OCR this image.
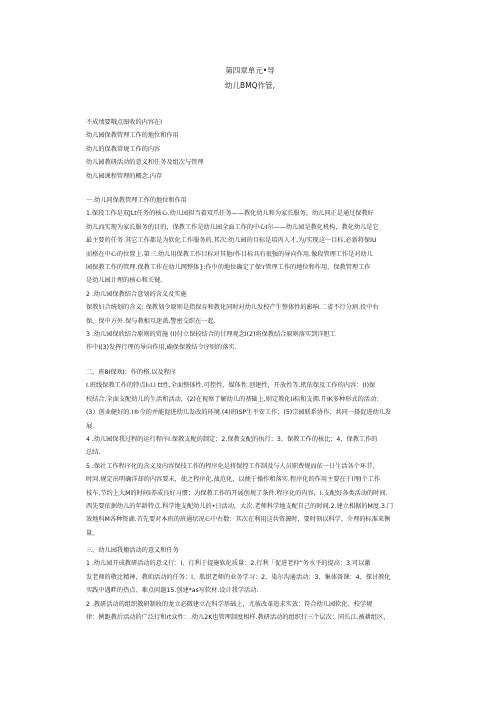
第四章单元•导
幼儿BMQ作管,

不成绩要哦点图收的内容在I

幼儿园保教管理工作的地位和作用

幼儿的保教常规工作的内容

幼儿园教研活动的意义和任务及组次与管理

幼儿园课程管理的概念.内存

一.幼儿同保教管理工作的地位和作用

1.保段工作是双JLt任务的核心.幼儿园担当着双爪任务——教化幼儿和为家长服务。幼儿同正是通过保教好

幼儿而实现为家长服务的目的，保教工作是幼儿园全面工作的中心I尔——幼儿园是教化机构，教化幼儿是它

最主要的任务.其它工作都是为软化工作服务的.其次.幼儿园的目标是培丙人才,为/实现这一目标,必新将保IU

而格在中心的位置上.第三.幼儿用保教工作目标对其他r作目标具有很强的导向作用.像段管理工作是对幼儿

园保教工作的管理.保教工作在幼儿网整体}:作中的地位确定了保'r管理工作的地位和作用，保教管理工作

是幼儿园计理的核心和关键。

2 .幼儿园保教结合意划的含义及实施

保教妇合统划的含义: 保教划令原则是指保育和教化同时对幼儿发校产生整体性的影响.二省不行分割.投中右

保，保中方外.保与教相互迷盖.警密交织在一起.

3 .幼儿园保欣结合原则的贸施 (I)付立保较结合的甘理观念I(2)将保教结合原则落实到洋胆工

作中I(3)发挥行理的导向作用,确保保教结令序则的落实.

二、班8I保欢I：作的格.以及程序

I.班线保教工作的特点I♭I.I tt性,全面整体性.可控性，媒体性.创建性，开放性等.玳依保及工作的内容：(I)保

校结合.全面支配幼儿的生活和活动，(2)在视察了解幼儿的基础上,则定教化Ii标和支拥.开IK多种形式的活动：

(3）创业健好的.I®令的并能促进幼儿发改的环境.(4)班ISP生平安工作；(5)宗园联系协作，共同一择促进幼儿发

展.

4 .幼儿园保我过程的运行程序I.保教支配的制定；2.保教支配的执行；3、保教工作的核比；4、保教工作的

总结.

5 .保社工作程序化的含义及内容保技工作的程序化是将保控工作制及与人员职费规而依一日生活各个环节、

时问.规定出明确洋却的内容要未，使之程序化.战范化，以便于操作和落实.程序化的作用主要在于I理I个工作

枝车.节约上大M的时间I养成良好习惯；为保教工作的开展创规了条件.程序化的内容，I.支配好各类活动的时间.

西先要依据幼儿的年龄特点.科学地支配幼儿的•日活动，大次.老师科学地支配自己的时间.2.建立相据的M度.3.门

效地科M各种资湖.首先要对本班的班通状况心中右数：其次在利用这共资源时，要时刻以科学、介理的标准来衡

量。

三、幼儿园我搬活动的意义和任务

1 .幼儿园开成教研活动的意义行：I、仃利于提施软化质量：2.行利「促进老仲”务水平的提高：3.可以激

发老师的敬比精神，教咱活动的任务：I、肌织老师的业务学习：2、染尔沟通活动：3、集体备课：4、探讨教化

实践中遇畔的热点、难点问题15.创建*as写软材.设计我学活动.

2 .教研活动的组织教研制收的龙立必微建立在科学基础上，尤彼改革追求实效：符合幼儿园软化、校学规

律：例距教后活动的广泛行和rt众性：.幼儿2K也管理制度相样.教研活动的组织行三个层次：同长江.被耕组区、
